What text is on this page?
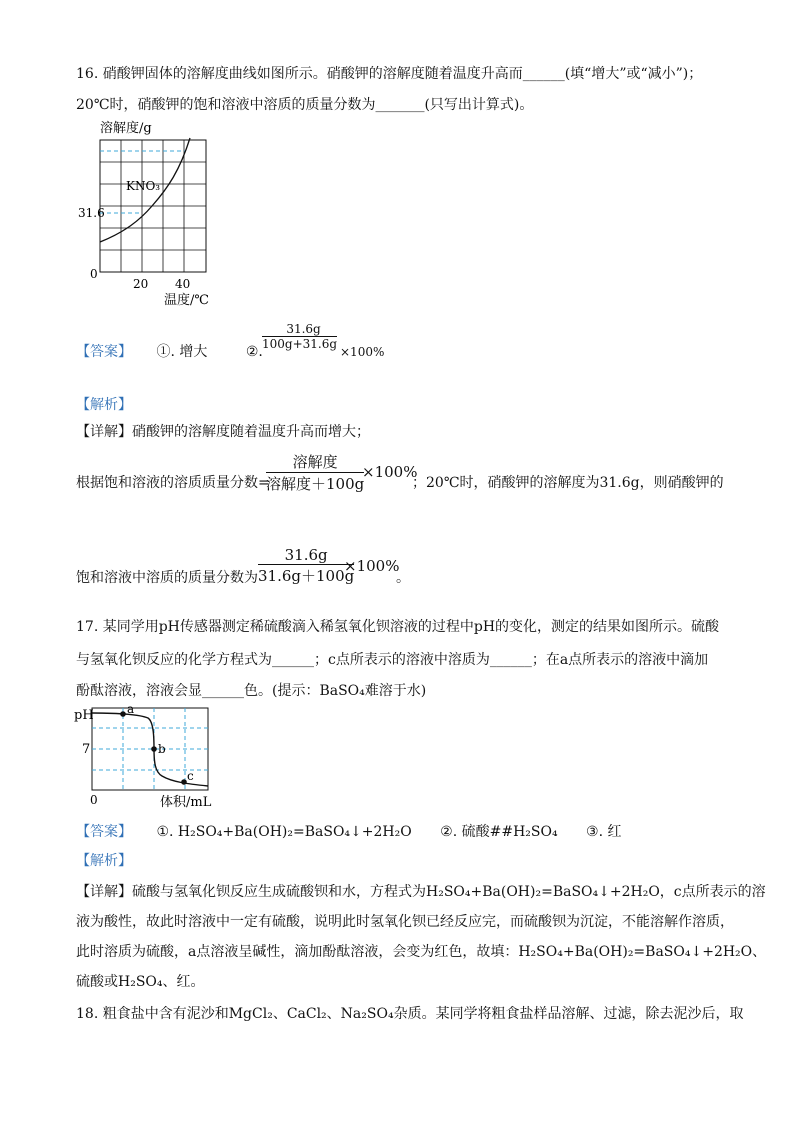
16. 硝酸钾固体的溶解度曲线如图所示。硝酸钾的溶解度随着温度升高而______(填“增大”或“减小”)；
20℃时，硝酸钾的饱和溶液中溶质的质量分数为_______(只写出计算式)。
溶解度/g
KNO₃
31.6
0
20 40
温度/℃
【答案】 ①. 增大	②.
$\frac{31.6g}{100g+31.6g}$
×100%
【解析】
【详解】硝酸钾的溶解度随着温度升高而增大；
根据饱和溶液的溶质质量分数=
溶解度
溶解度＋100g
×100%
；20℃时，硝酸钾的溶解度为31.6g，则硝酸钾的
饱和溶液中溶质的质量分数为 $\frac{31.6g}{31.6g+100g}$
×100%
。
17. 某同学用pH传感器测定稀硫酸滴入稀氢氧化钡溶液的过程中pH的变化，测定的结果如图所示。硫酸
与氢氧化钡反应的化学方程式为______；c点所表示的溶液中溶质为______；在a点所表示的溶液中滴加
酚酞溶液，溶液会显______色。(提示：BaSO₄难溶于水)
a
b
c
pH
7
0	体积/mL
【答案】 ①. H₂SO₄+Ba(OH)₂=BaSO₄↓+2H₂O ②. 硫酸##H₂SO₄ ③. 红
【解析】
【详解】硫酸与氢氧化钡反应生成硫酸钡和水，方程式为H₂SO₄+Ba(OH)₂=BaSO₄↓+2H₂O，c点所表示的溶
液为酸性，故此时溶液中一定有硫酸，说明此时氢氧化钡已经反应完，而硫酸钡为沉淀，不能溶解作溶质，
此时溶质为硫酸，a点溶液呈碱性，滴加酚酞溶液，会变为红色，故填：H₂SO₄+Ba(OH)₂=BaSO₄↓+2H₂O、
硫酸或H₂SO₄、红。
18. 粗食盐中含有泥沙和MgCl₂、CaCl₂、Na₂SO₄杂质。某同学将粗食盐样品溶解、过滤，除去泥沙后，取
